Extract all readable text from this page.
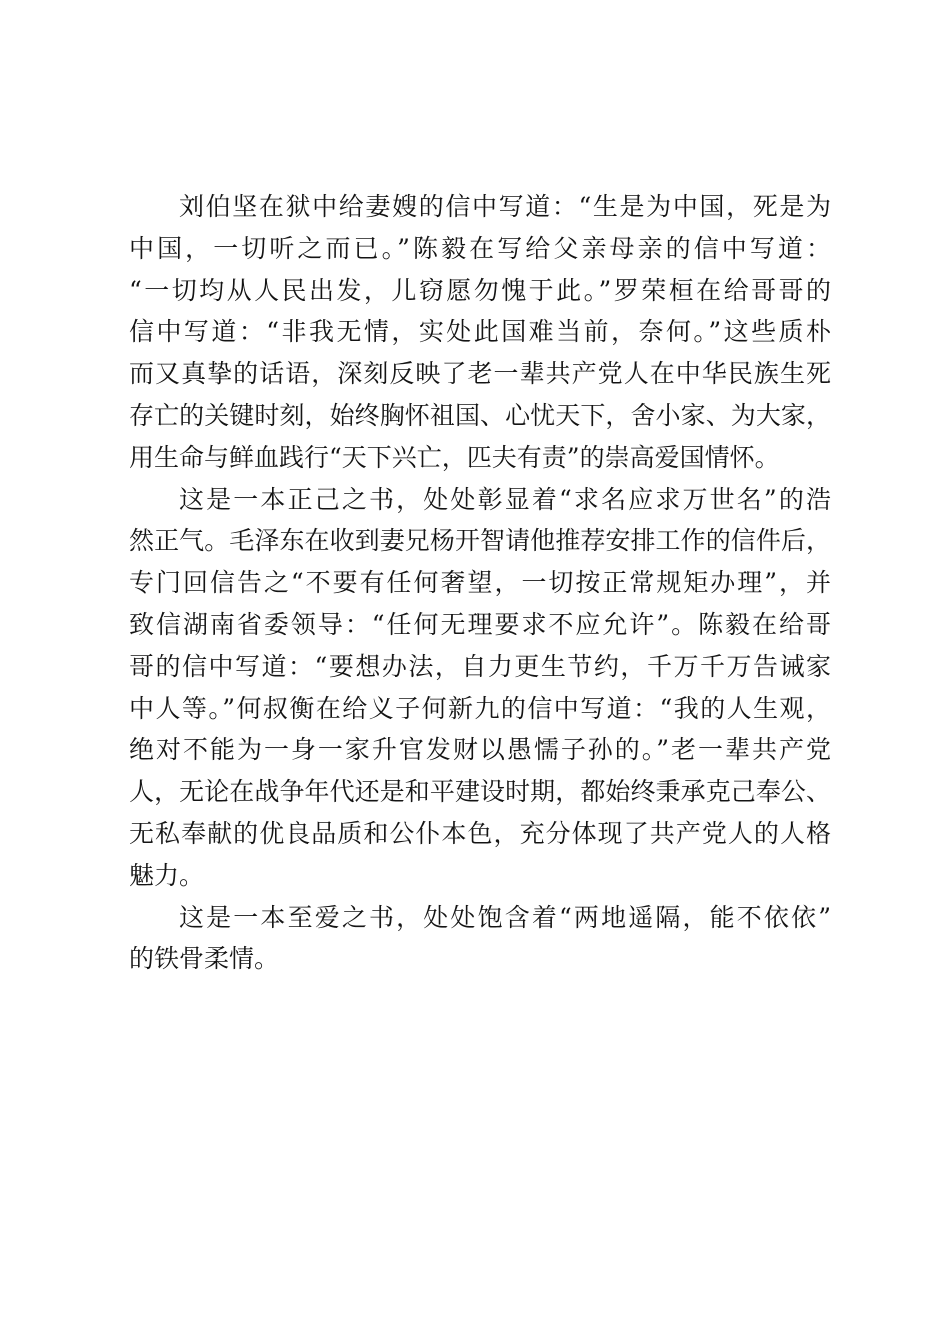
刘伯坚在狱中给妻嫂的信中写道：“生是为中国，死是为
中国，一切听之而已。”陈毅在写给父亲母亲的信中写道：
“一切均从人民出发，儿窃愿勿愧于此。”罗荣桓在给哥哥的
信中写道：“非我无情，实处此国难当前，奈何。”这些质朴
而又真挚的话语，深刻反映了老一辈共产党人在中华民族生死
存亡的关键时刻，始终胸怀祖国、心忧天下，舍小家、为大家，
用生命与鲜血践行“天下兴亡，匹夫有责”的崇高爱国情怀。
这是一本正己之书，处处彰显着“求名应求万世名”的浩
然正气。毛泽东在收到妻兄杨开智请他推荐安排工作的信件后，
专门回信告之“不要有任何奢望，一切按正常规矩办理”，并
致信湖南省委领导：“任何无理要求不应允许”。陈毅在给哥
哥的信中写道：“要想办法，自力更生节约，千万千万告诫家
中人等。”何叔衡在给义子何新九的信中写道：“我的人生观，
绝对不能为一身一家升官发财以愚懦子孙的。”老一辈共产党
人，无论在战争年代还是和平建设时期，都始终秉承克己奉公、
无私奉献的优良品质和公仆本色，充分体现了共产党人的人格
魅力。
这是一本至爱之书，处处饱含着“两地遥隔，能不依依”
的铁骨柔情。
